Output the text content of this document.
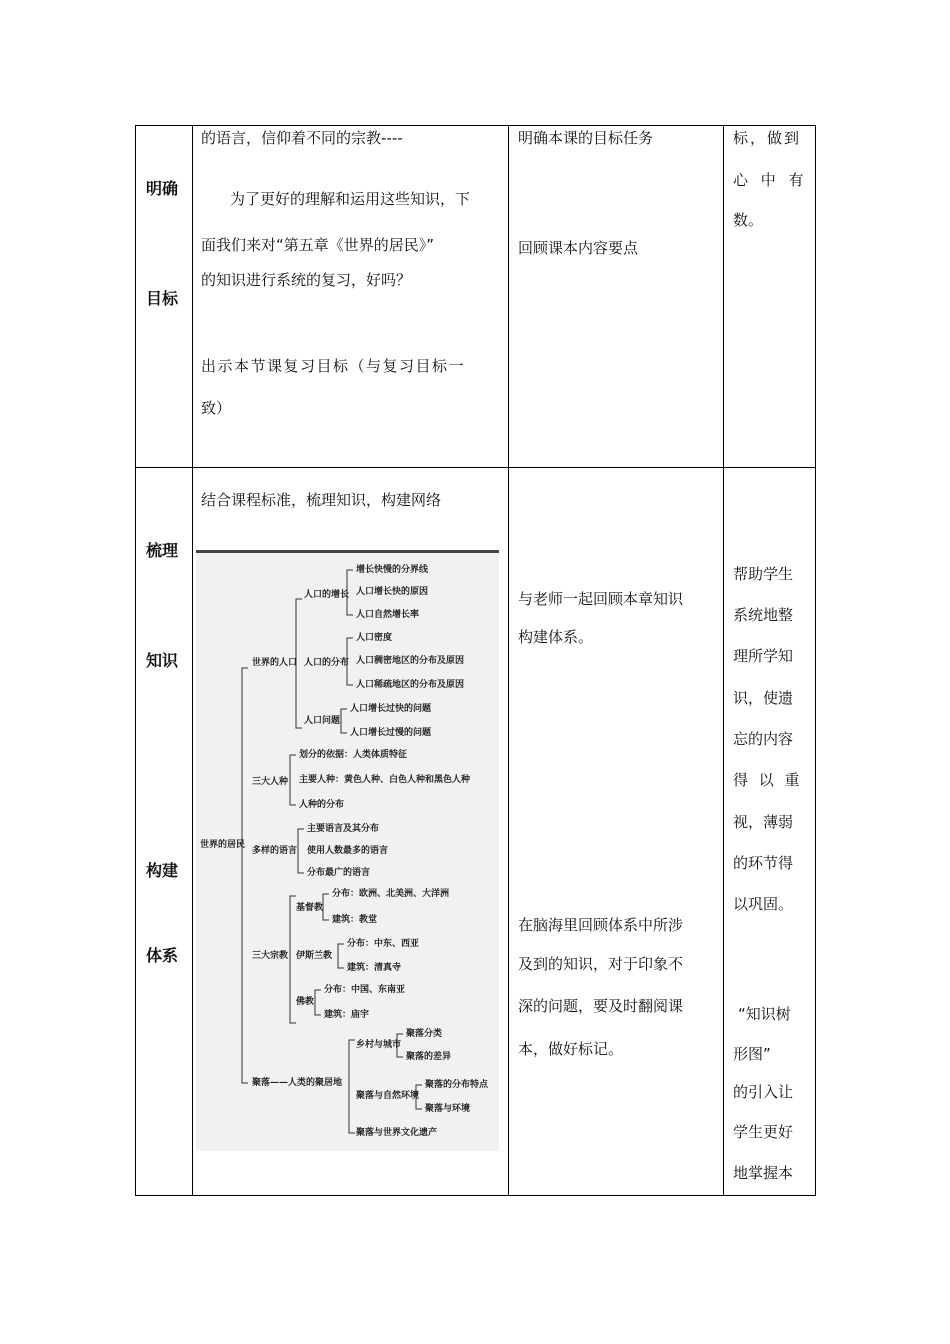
明确
目标
的语言，信仰着不同的宗教----
为了更好的理解和运用这些知识，下
面我们来对“第五章《世界的居民》”
的知识进行系统的复习，好吗？
出示本节课复习目标（与复习目标一
致）
明确本课的目标任务
回顾课本内容要点
标，做到
心 中 有
数。
梳理
知识
构建
体系
结合课程标准，梳理知识，构建网络
与老师一起回顾本章知识
构建体系。
在脑海里回顾体系中所涉
及到的知识，对于印象不
深的问题，要及时翻阅课
本，做好标记。
帮助学生
系统地整
理所学知
识，使遗
忘的内容
得 以 重
视，薄弱
的环节得
以巩固。
“知识树
形图”
的引入让
学生更好
地掌握本
世界的居民
世界的人口
人口的增长
增长快慢的分界线
人口增长快的原因
人口自然增长率
人口的分布
人口密度
人口稠密地区的分布及原因
人口稀疏地区的分布及原因
人口问题
人口增长过快的问题
人口增长过慢的问题
三大人种
划分的依据：人类体质特征
主要人种：黄色人种、白色人种和黑色人种
人种的分布
多样的语言
主要语言及其分布
使用人数最多的语言
分布最广的语言
三大宗教
基督教
分布：欧洲、北美洲、大洋洲
建筑：教堂
伊斯兰教
分布：中东、西亚
建筑：清真寺
佛教
分布：中国、东南亚
建筑：庙宇
聚落——人类的聚居地
乡村与城市
聚落分类
聚落的差异
聚落与自然环境
聚落的分布特点
聚落与环境
聚落与世界文化遗产
